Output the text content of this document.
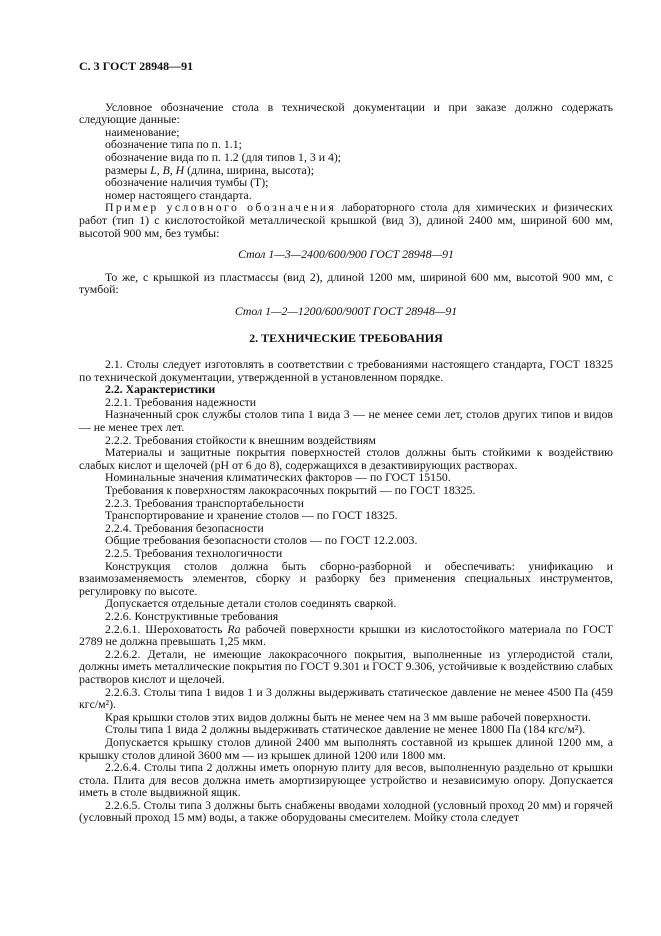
С. 3 ГОСТ 28948—91

Условное обозначение стола в технической документации и при заказе должно содержать следующие данные:

наименование;

обозначение типа по п. 1.1;

обозначение вида по п. 1.2 (для типов 1, 3 и 4);

размеры L, B, H (длина, ширина, высота);

обозначение наличия тумбы (Т);

номер настоящего стандарта.

Пример условного обозначения лабораторного стола для химических и физических работ (тип 1) с кислотостойкой металлической крышкой (вид 3), длиной 2400 мм, шириной 600 мм, высотой 900 мм, без тумбы:

Стол 1—3—2400/600/900 ГОСТ 28948—91

То же, с крышкой из пластмассы (вид 2), длиной 1200 мм, шириной 600 мм, высотой 900 мм, с тумбой:

Стол 1—2—1200/600/900Т ГОСТ 28948—91

2. ТЕХНИЧЕСКИЕ ТРЕБОВАНИЯ

2.1. Столы следует изготовлять в соответствии с требованиями настоящего стандарта, ГОСТ 18325 по технической документации, утвержденной в установленном порядке.

2.2. Характеристики

2.2.1. Требования надежности

Назначенный срок службы столов типа 1 вида 3 — не менее семи лет, столов других типов и видов — не менее трех лет.

2.2.2. Требования стойкости к внешним воздействиям

Материалы и защитные покрытия поверхностей столов должны быть стойкими к воздействию слабых кислот и щелочей (рН от 6 до 8), содержащихся в дезактивирующих растворах.

Номинальные значения климатических факторов — по ГОСТ 15150.

Требования к поверхностям лакокрасочных покрытий — по ГОСТ 18325.

2.2.3. Требования транспортабельности

Транспортирование и хранение столов — по ГОСТ 18325.

2.2.4. Требования безопасности

Общие требования безопасности столов — по ГОСТ 12.2.003.

2.2.5. Требования технологичности

Конструкция столов должна быть сборно-разборной и обеспечивать: унификацию и взаимозаменяемость элементов, сборку и разборку без применения специальных инструментов, регулировку по высоте.

Допускается отдельные детали столов соединять сваркой.

2.2.6. Конструктивные требования

2.2.6.1. Шероховатость Ra рабочей поверхности крышки из кислотостойкого материала по ГОСТ 2789 не должна превышать 1,25 мкм.

2.2.6.2. Детали, не имеющие лакокрасочного покрытия, выполненные из углеродистой стали, должны иметь металлические покрытия по ГОСТ 9.301 и ГОСТ 9.306, устойчивые к воздействию слабых растворов кислот и щелочей.

2.2.6.3. Столы типа 1 видов 1 и 3 должны выдерживать статическое давление не менее 4500 Па (459 кгс/м²).

Края крышки столов этих видов должны быть не менее чем на 3 мм выше рабочей поверхности.

Столы типа 1 вида 2 должны выдерживать статическое давление не менее 1800 Па (184 кгс/м²).

Допускается крышку столов длиной 2400 мм выполнять составной из крышек длиной 1200 мм, а крышку столов длиной 3600 мм — из крышек длиной 1200 или 1800 мм.

2.2.6.4. Столы типа 2 должны иметь опорную плиту для весов, выполненную раздельно от крышки стола. Плита для весов должна иметь амортизирующее устройство и независимую опору. Допускается иметь в столе выдвижной ящик.

2.2.6.5. Столы типа 3 должны быть снабжены вводами холодной (условный проход 20 мм) и горячей (условный проход 15 мм) воды, а также оборудованы смесителем. Мойку стола следует
